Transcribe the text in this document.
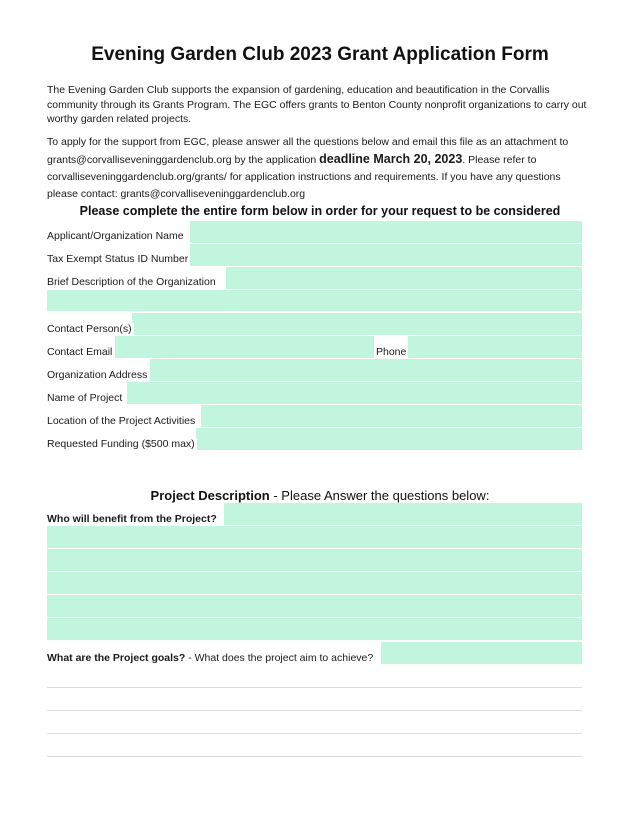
Evening Garden Club 2023 Grant Application Form
The Evening Garden Club supports the expansion of gardening, education and beautification in the Corvallis community through its Grants Program. The EGC offers grants to Benton County nonprofit organizations to carry out worthy garden related projects.
To apply for the support from EGC, please answer all the questions below and email this file as an attachment to grants@corvalliseveninggardenclub.org by the application deadline March 20, 2023. Please refer to corvalliseveninggardenclub.org/grants/ for application instructions and requirements. If you have any questions please contact: grants@corvalliseveninggardenclub.org
Please complete the entire form below in order for your request to be considered
Applicant/Organization Name
Tax Exempt Status ID Number
Brief Description of the Organization
Contact Person(s)
Contact Email	Phone
Organization Address
Name of Project
Location of the Project Activities
Requested Funding ($500 max)
Project Description - Please Answer the questions below:
Who will benefit from the Project?
What are the Project goals? - What does the project aim to achieve?
